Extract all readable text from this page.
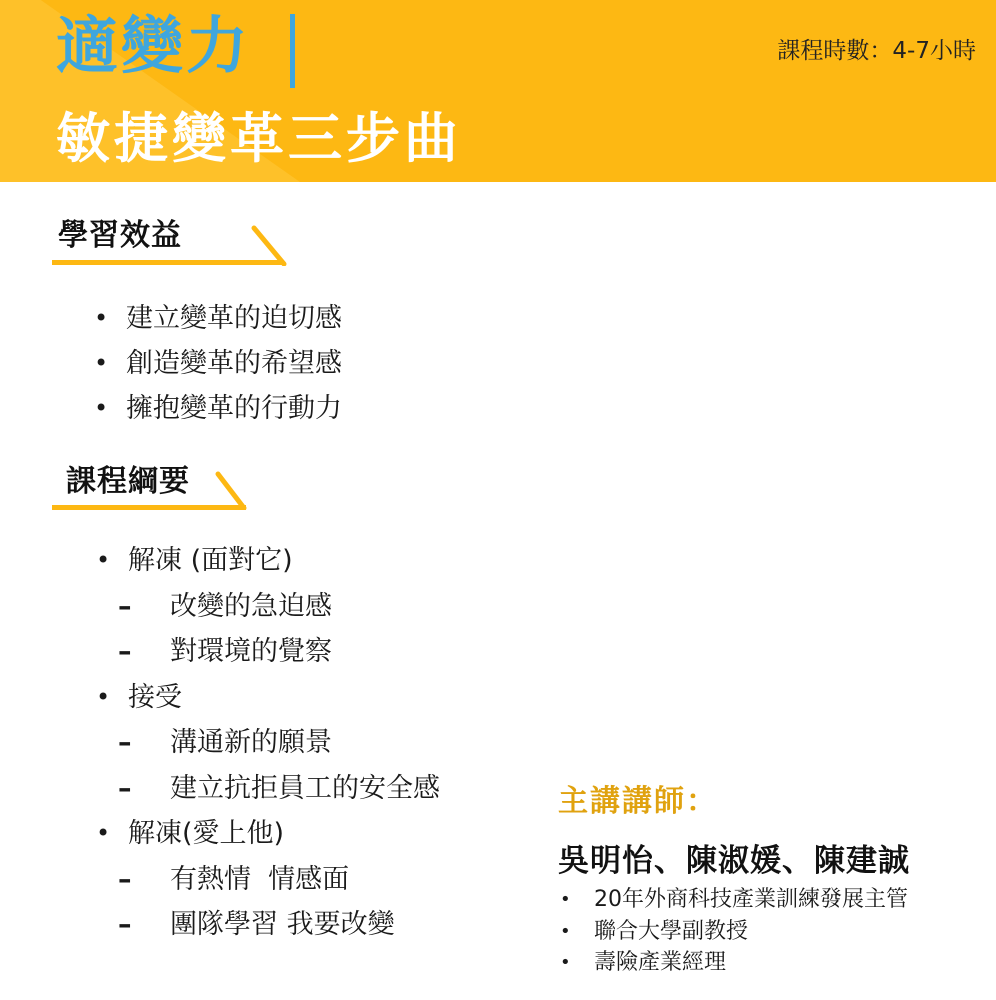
適變力
敏捷變革三步曲
課程時數：4-7小時
學習效益
• 建立變革的迫切感
• 創造變革的希望感
• 擁抱變革的行動力
課程綱要
• 解凍 (面對它)
– 改變的急迫感
– 對環境的覺察
• 接受
– 溝通新的願景
– 建立抗拒員工的安全感
• 解凍(愛上他)
– 有熱情  情感面
– 團隊學習 我要改變
主講講師：
吳明怡、陳淑媛、陳建誠
• 20年外商科技產業訓練發展主管
• 聯合大學副教授
• 壽險產業經理
